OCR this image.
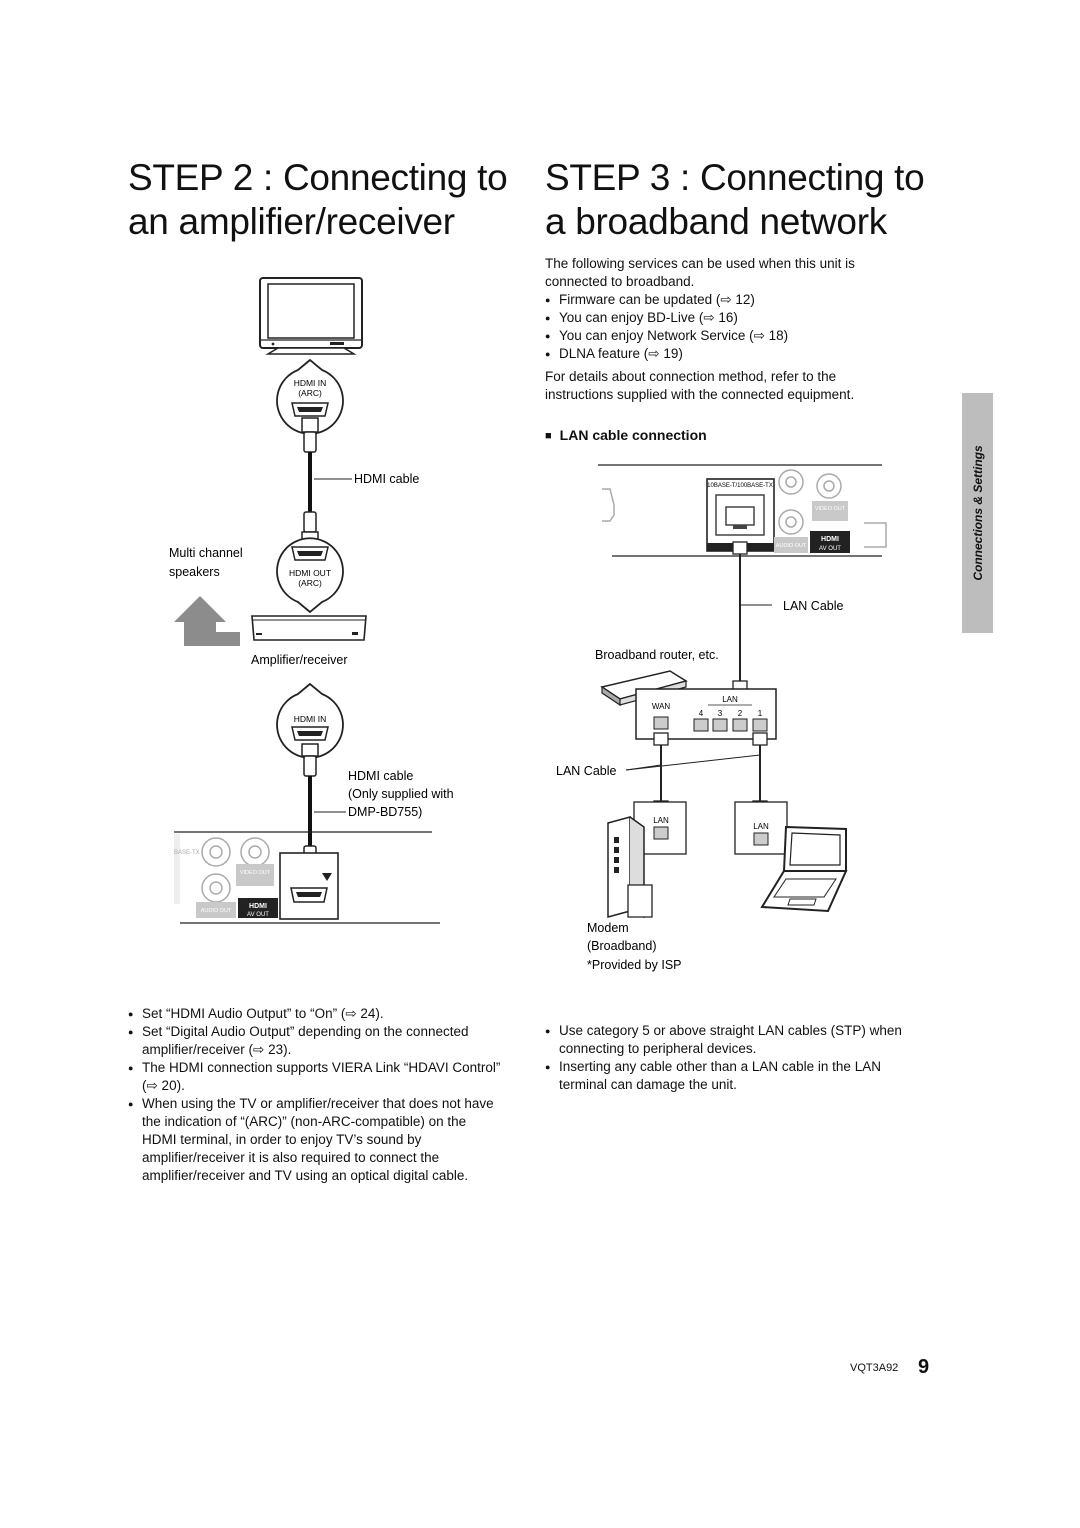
STEP 2 : Connecting to
an amplifier/receiver
STEP 3 : Connecting to
a broadband network
The following services can be used when this unit is connected to broadband.
● Firmware can be updated (⇨ 12)
● You can enjoy BD-Live (⇨ 16)
● You can enjoy Network Service (⇨ 18)
● DLNA feature (⇨ 19)
For details about connection method, refer to the instructions supplied with the connected equipment.
■ LAN cable connection
Connections & Settings
HDMI IN
(ARC)
HDMI cable
HDMI OUT
(ARC)
Multi channel
speakers
Amplifier/receiver
HDMI IN
HDMI cable
(Only supplied with
DMP-BD755)
BASE-TX
VIDEO OUT
AUDIO OUT
HDMI
AV OUT
10BASE-T/100BASE-TX
VIDEO OUT
AUDIO OUT
HDMI
AV OUT
LAN Cable
Broadband router, etc.
WAN
LAN
4 3 2 1
LAN Cable
LAN
LAN
Modem
(Broadband)
*Provided by ISP
● Set “HDMI Audio Output” to “On” (⇨ 24).
● Set “Digital Audio Output” depending on the connected amplifier/receiver (⇨ 23).
● The HDMI connection supports VIERA Link “HDAVI Control” (⇨ 20).
● When using the TV or amplifier/receiver that does not have the indication of “(ARC)” (non-ARC-compatible) on the HDMI terminal, in order to enjoy TV’s sound by amplifier/receiver it is also required to connect the amplifier/receiver and TV using an optical digital cable.
● Use category 5 or above straight LAN cables (STP) when connecting to peripheral devices.
● Inserting any cable other than a LAN cable in the LAN terminal can damage the unit.
VQT3A92 9
